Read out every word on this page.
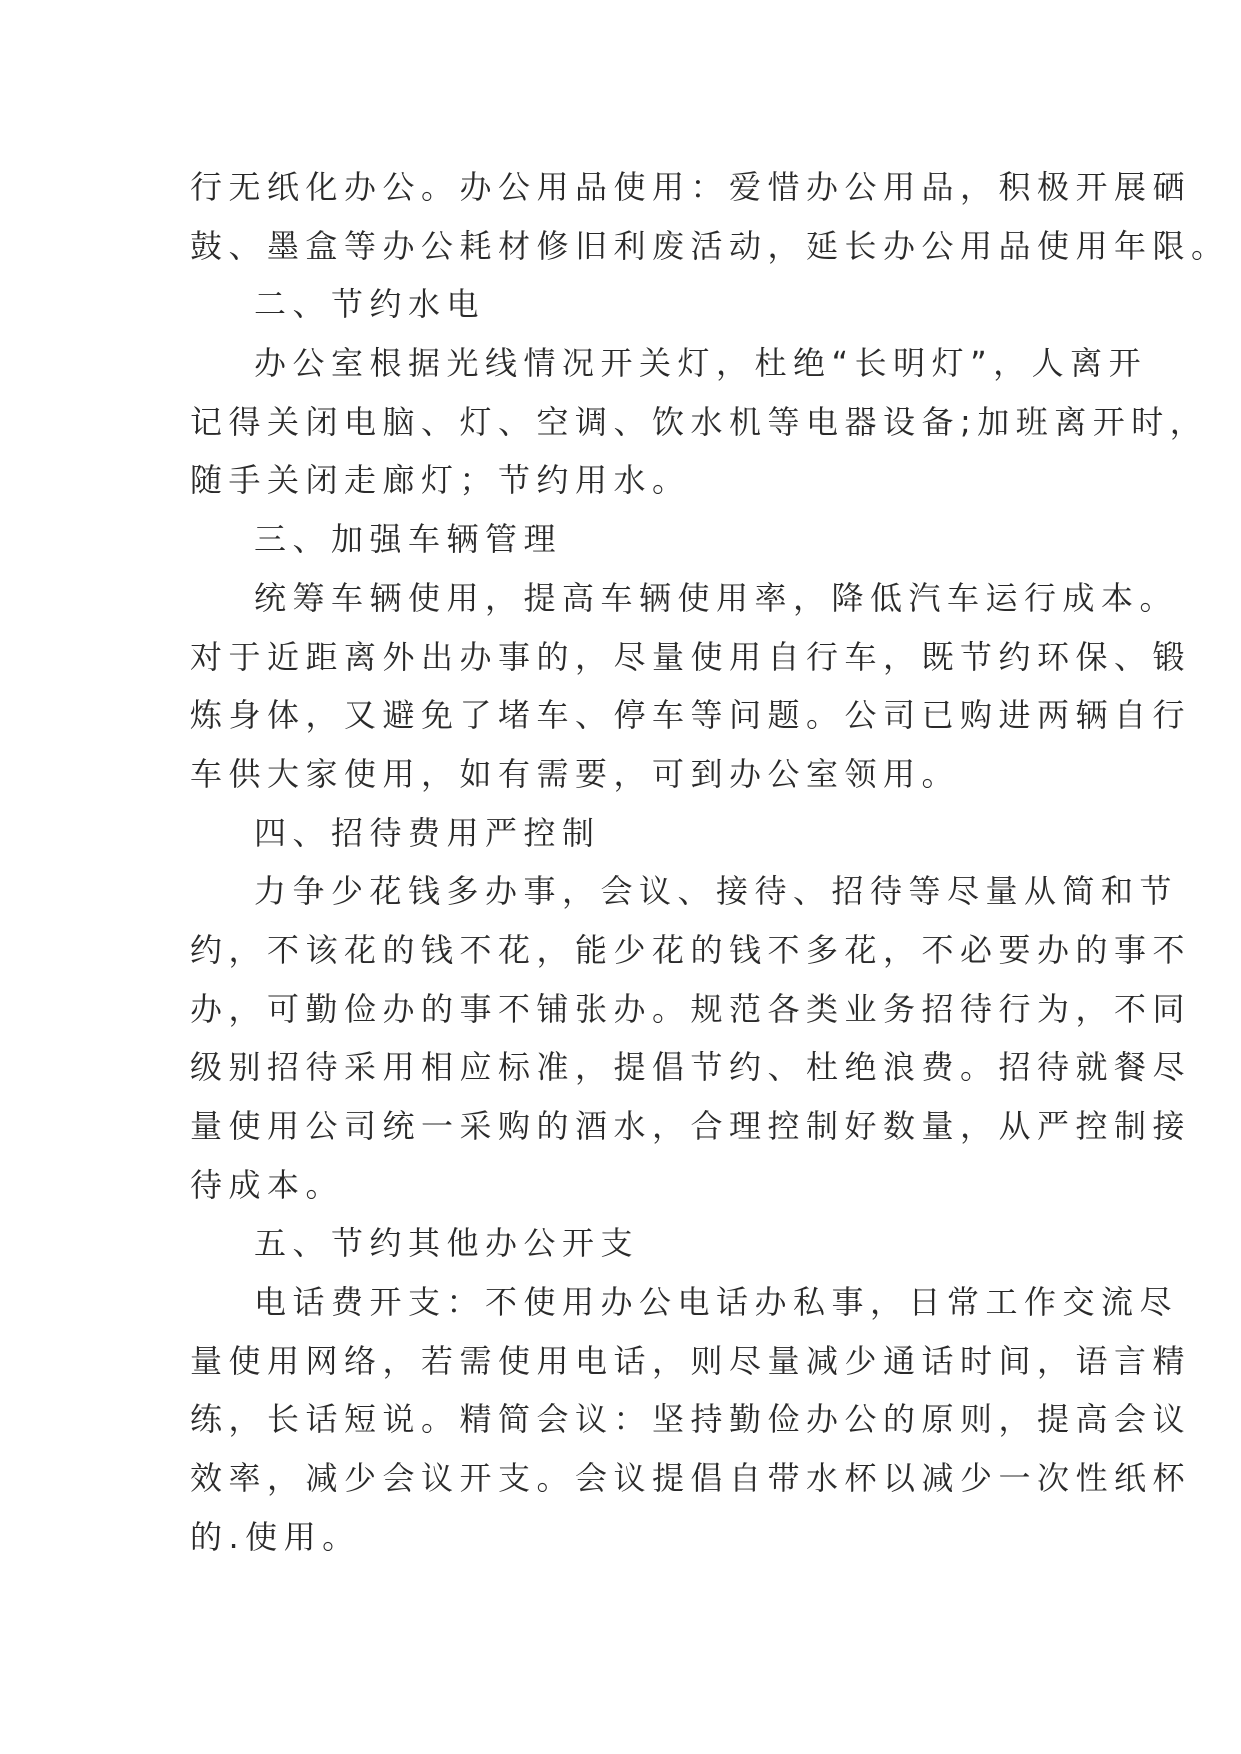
行无纸化办公。办公用品使用：爱惜办公用品，积极开展硒
鼓、墨盒等办公耗材修旧利废活动，延长办公用品使用年限。
二、节约水电
办公室根据光线情况开关灯，杜绝“长明灯”，人离开
记得关闭电脑、灯、空调、饮水机等电器设备;加班离开时，
随手关闭走廊灯；节约用水。
三、加强车辆管理
统筹车辆使用，提高车辆使用率，降低汽车运行成本。
对于近距离外出办事的，尽量使用自行车，既节约环保、锻
炼身体，又避免了堵车、停车等问题。公司已购进两辆自行
车供大家使用，如有需要，可到办公室领用。
四、招待费用严控制
力争少花钱多办事，会议、接待、招待等尽量从简和节
约，不该花的钱不花，能少花的钱不多花，不必要办的事不
办，可勤俭办的事不铺张办。规范各类业务招待行为，不同
级别招待采用相应标准，提倡节约、杜绝浪费。招待就餐尽
量使用公司统一采购的酒水，合理控制好数量，从严控制接
待成本。
五、节约其他办公开支
电话费开支：不使用办公电话办私事，日常工作交流尽
量使用网络，若需使用电话，则尽量减少通话时间，语言精
练，长话短说。精简会议：坚持勤俭办公的原则，提高会议
效率，减少会议开支。会议提倡自带水杯以减少一次性纸杯
的.使用。
